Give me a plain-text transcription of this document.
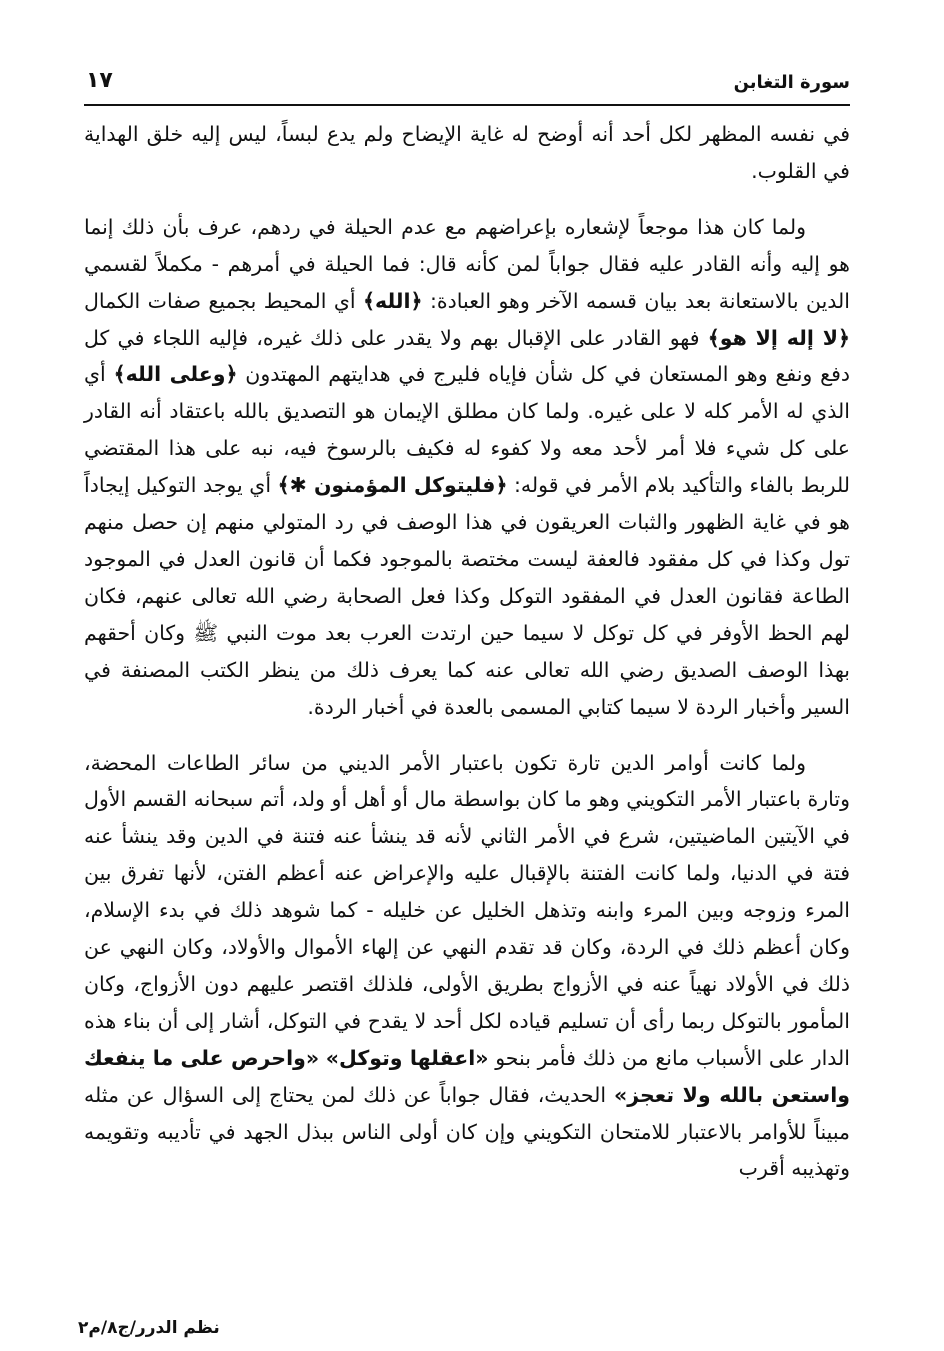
سورة التغابن
١٧

في نفسه المظهر لكل أحد أنه أوضح له غاية الإيضاح ولم يدع لبساً، ليس إليه خلق الهداية في القلوب.

ولما كان هذا موجعاً لإشعاره بإعراضهم مع عدم الحيلة في ردهم، عرف بأن ذلك إنما هو إليه وأنه القادر عليه فقال جواباً لمن كأنه قال: فما الحيلة في أمرهم - مكملاً لقسمي الدين بالاستعانة بعد بيان قسمه الآخر وهو العبادة: ﴿الله﴾ أي المحيط بجميع صفات الكمال ﴿لا إله إلا هو﴾ فهو القادر على الإقبال بهم ولا يقدر على ذلك غيره، فإليه اللجاء في كل دفع ونفع وهو المستعان في كل شأن فإياه فليرج في هدايتهم المهتدون ﴿وعلى الله﴾ أي الذي له الأمر كله لا على غيره. ولما كان مطلق الإيمان هو التصديق بالله باعتقاد أنه القادر على كل شيء فلا أمر لأحد معه ولا كفوء له فكيف بالرسوخ فيه، نبه على هذا المقتضي للربط بالفاء والتأكيد بلام الأمر في قوله: ﴿فليتوكل المؤمنون ✱﴾ أي يوجد التوكيل إيجاداً هو في غاية الظهور والثبات العريقون في هذا الوصف في رد المتولي منهم إن حصل منهم تول وكذا في كل مفقود فالعفة ليست مختصة بالموجود فكما أن قانون العدل في الموجود الطاعة فقانون العدل في المفقود التوكل وكذا فعل الصحابة رضي الله تعالى عنهم، فكان لهم الحظ الأوفر في كل توكل لا سيما حين ارتدت العرب بعد موت النبي ﷺ وكان أحقهم بهذا الوصف الصديق رضي الله تعالى عنه كما يعرف ذلك من ينظر الكتب المصنفة في السير وأخبار الردة لا سيما كتابي المسمى بالعدة في أخبار الردة.

ولما كانت أوامر الدين تارة تكون باعتبار الأمر الديني من سائر الطاعات المحضة، وتارة باعتبار الأمر التكويني وهو ما كان بواسطة مال أو أهل أو ولد، أتم سبحانه القسم الأول في الآيتين الماضيتين، شرع في الأمر الثاني لأنه قد ينشأ عنه فتنة في الدين وقد ينشأ عنه فتة في الدنيا، ولما كانت الفتنة بالإقبال عليه والإعراض عنه أعظم الفتن، لأنها تفرق بين المرء وزوجه وبين المرء وابنه وتذهل الخليل عن خليله - كما شوهد ذلك في بدء الإسلام، وكان أعظم ذلك في الردة، وكان قد تقدم النهي عن إلهاء الأموال والأولاد، وكان النهي عن ذلك في الأولاد نهياً عنه في الأزواج بطريق الأولى، فلذلك اقتصر عليهم دون الأزواج، وكان المأمور بالتوكل ربما رأى أن تسليم قياده لكل أحد لا يقدح في التوكل، أشار إلى أن بناء هذه الدار على الأسباب مانع من ذلك فأمر بنحو «اعقلها وتوكل» «واحرص على ما ينفعك واستعن بالله ولا تعجز» الحديث، فقال جواباً عن ذلك لمن يحتاج إلى السؤال عن مثله مبيناً للأوامر بالاعتبار للامتحان التكويني وإن كان أولى الناس ببذل الجهد في تأديبه وتقويمه وتهذيبه أقرب

نظم الدرر/ج٨/م٢
